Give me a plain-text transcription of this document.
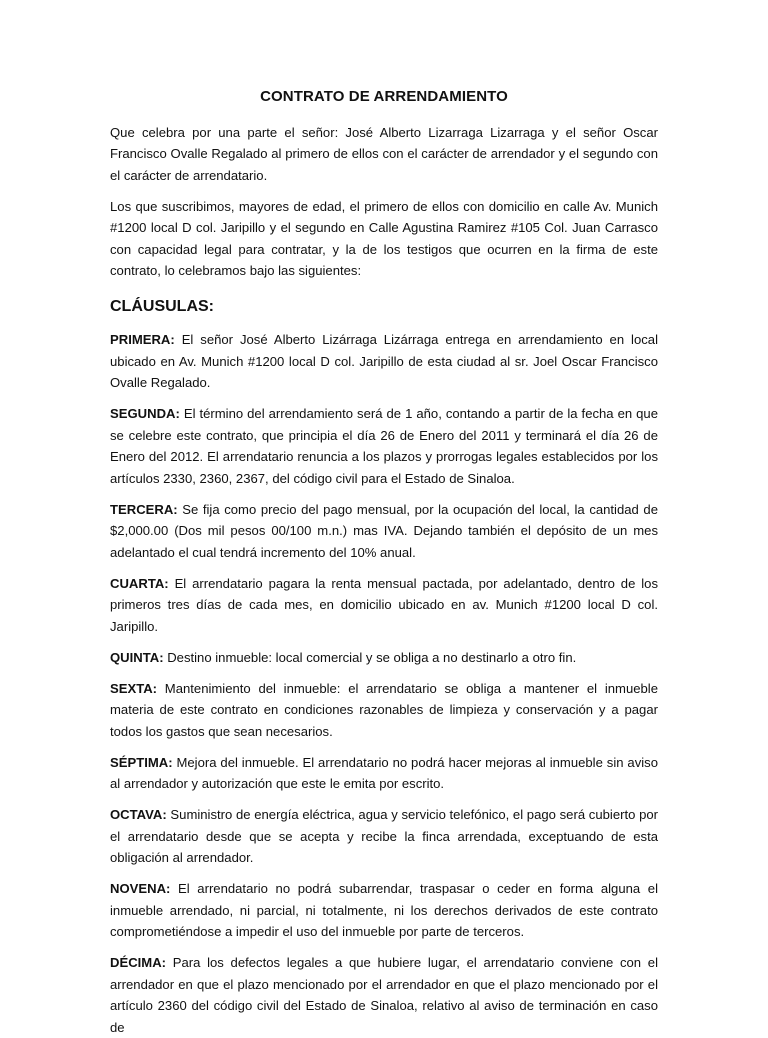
CONTRATO DE ARRENDAMIENTO

Que celebra por una parte el señor: José Alberto Lizarraga Lizarraga y el señor Oscar Francisco Ovalle Regalado al primero de ellos con el carácter de arrendador y el segundo con el carácter de arrendatario.

Los que suscribimos, mayores de edad, el primero de ellos con domicilio en calle Av. Munich #1200 local D col. Jaripillo y el segundo en Calle Agustina Ramirez #105 Col. Juan Carrasco con capacidad legal para contratar, y la de los testigos que ocurren en la firma de este contrato, lo celebramos bajo las siguientes:

CLÁUSULAS:

PRIMERA: El señor José Alberto Lizárraga Lizárraga entrega en arrendamiento en local ubicado en Av. Munich #1200 local D col. Jaripillo de esta ciudad al sr. Joel Oscar Francisco Ovalle Regalado.

SEGUNDA: El término del arrendamiento será de 1 año, contando a partir de la fecha en que se celebre este contrato, que principia el día 26 de Enero del 2011 y terminará el día 26 de Enero del 2012. El arrendatario renuncia a los plazos y prorrogas legales establecidos por los artículos 2330, 2360, 2367, del código civil para el Estado de Sinaloa.

TERCERA: Se fija como precio del pago mensual, por la ocupación del local, la cantidad de $2,000.00 (Dos mil pesos 00/100 m.n.) mas IVA. Dejando también el depósito de un mes adelantado el cual tendrá incremento del 10% anual.

CUARTA: El arrendatario pagara la renta mensual pactada, por adelantado, dentro de los primeros tres días de cada mes, en domicilio ubicado en av. Munich #1200 local D col. Jaripillo.

QUINTA: Destino inmueble: local comercial y se obliga a no destinarlo a otro fin.

SEXTA: Mantenimiento del inmueble: el arrendatario se obliga a mantener el inmueble materia de este contrato en condiciones razonables de limpieza y conservación y a pagar todos los gastos que sean necesarios.

SÉPTIMA: Mejora del inmueble. El arrendatario no podrá hacer mejoras al inmueble sin aviso al arrendador y autorización que este le emita por escrito.

OCTAVA: Suministro de energía eléctrica, agua y servicio telefónico, el pago será cubierto por el arrendatario desde que se acepta y recibe la finca arrendada, exceptuando de esta obligación al arrendador.

NOVENA: El arrendatario no podrá subarrendar, traspasar o ceder en forma alguna el inmueble arrendado, ni parcial, ni totalmente, ni los derechos derivados de este contrato comprometiéndose a impedir el uso del inmueble por parte de terceros.

DÉCIMA: Para los defectos legales a que hubiere lugar, el arrendatario conviene con el arrendador en que el plazo mencionado por el arrendador en que el plazo mencionado por el artículo 2360 del código civil del Estado de Sinaloa, relativo al aviso de terminación en caso de
